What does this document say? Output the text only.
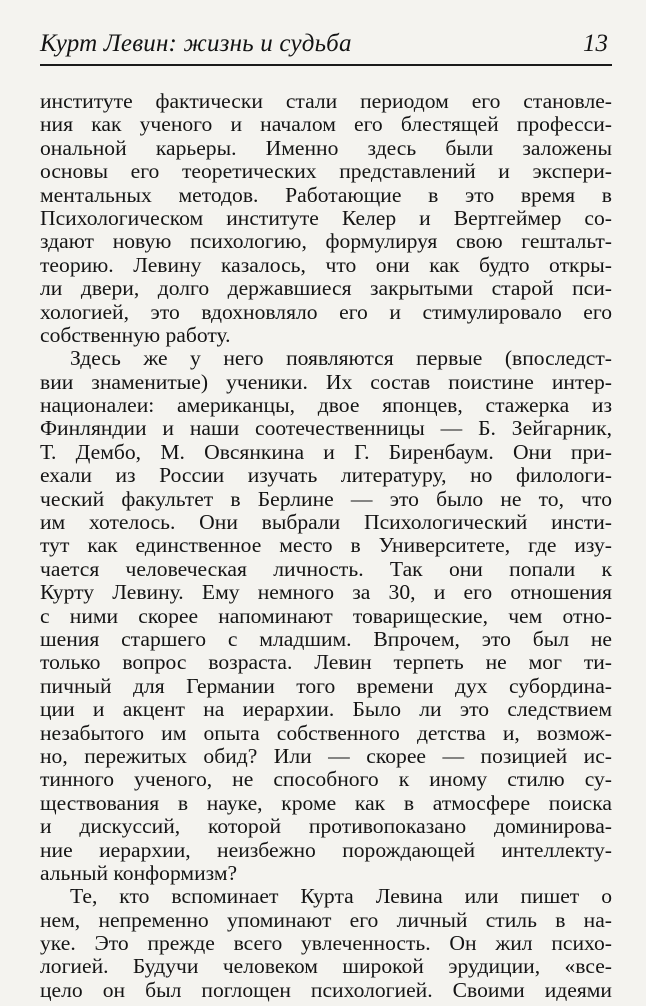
Курт Левин: жизнь и судьба	13
институте фактически стали периодом его становле-
ния как ученого и началом его блестящей професси-
ональной карьеры. Именно здесь были заложены
основы его теоретических представлений и экспери-
ментальных методов. Работающие в это время в
Психологическом институте Келер и Вертгеймер со-
здают новую психологию, формулируя свою гештальт-
теорию. Левину казалось, что они как будто откры-
ли двери, долго державшиеся закрытыми старой пси-
хологией, это вдохновляло его и стимулировало его
собственную работу.
Здесь же у него появляются первые (впоследст-
вии знаменитые) ученики. Их состав поистине интер-
националеи: американцы, двое японцев, стажерка из
Финляндии и наши соотечественницы — Б. Зейгарник,
Т. Дембо, М. Овсянкина и Г. Биренбаум. Они при-
ехали из России изучать литературу, но филологи-
ческий факультет в Берлине — это было не то, что
им хотелось. Они выбрали Психологический инсти-
тут как единственное место в Университете, где изу-
чается человеческая личность. Так они попали к
Курту Левину. Ему немного за 30, и его отношения
с ними скорее напоминают товарищеские, чем отно-
шения старшего с младшим. Впрочем, это был не
только вопрос возраста. Левин терпеть не мог ти-
пичный для Германии того времени дух субордина-
ции и акцент на иерархии. Было ли это следствием
незабытого им опыта собственного детства и, возмож-
но, пережитых обид? Или — скорее — позицией ис-
тинного ученого, не способного к иному стилю су-
ществования в науке, кроме как в атмосфере поиска
и дискуссий, которой противопоказано доминирова-
ние иерархии, неизбежно порождающей интеллекту-
альный конформизм?
Те, кто вспоминает Курта Левина или пишет о
нем, непременно упоминают его личный стиль в на-
уке. Это прежде всего увлеченность. Он жил психо-
логией. Будучи человеком широкой эрудиции, «все-
цело он был поглощен психологией. Своими идеями
